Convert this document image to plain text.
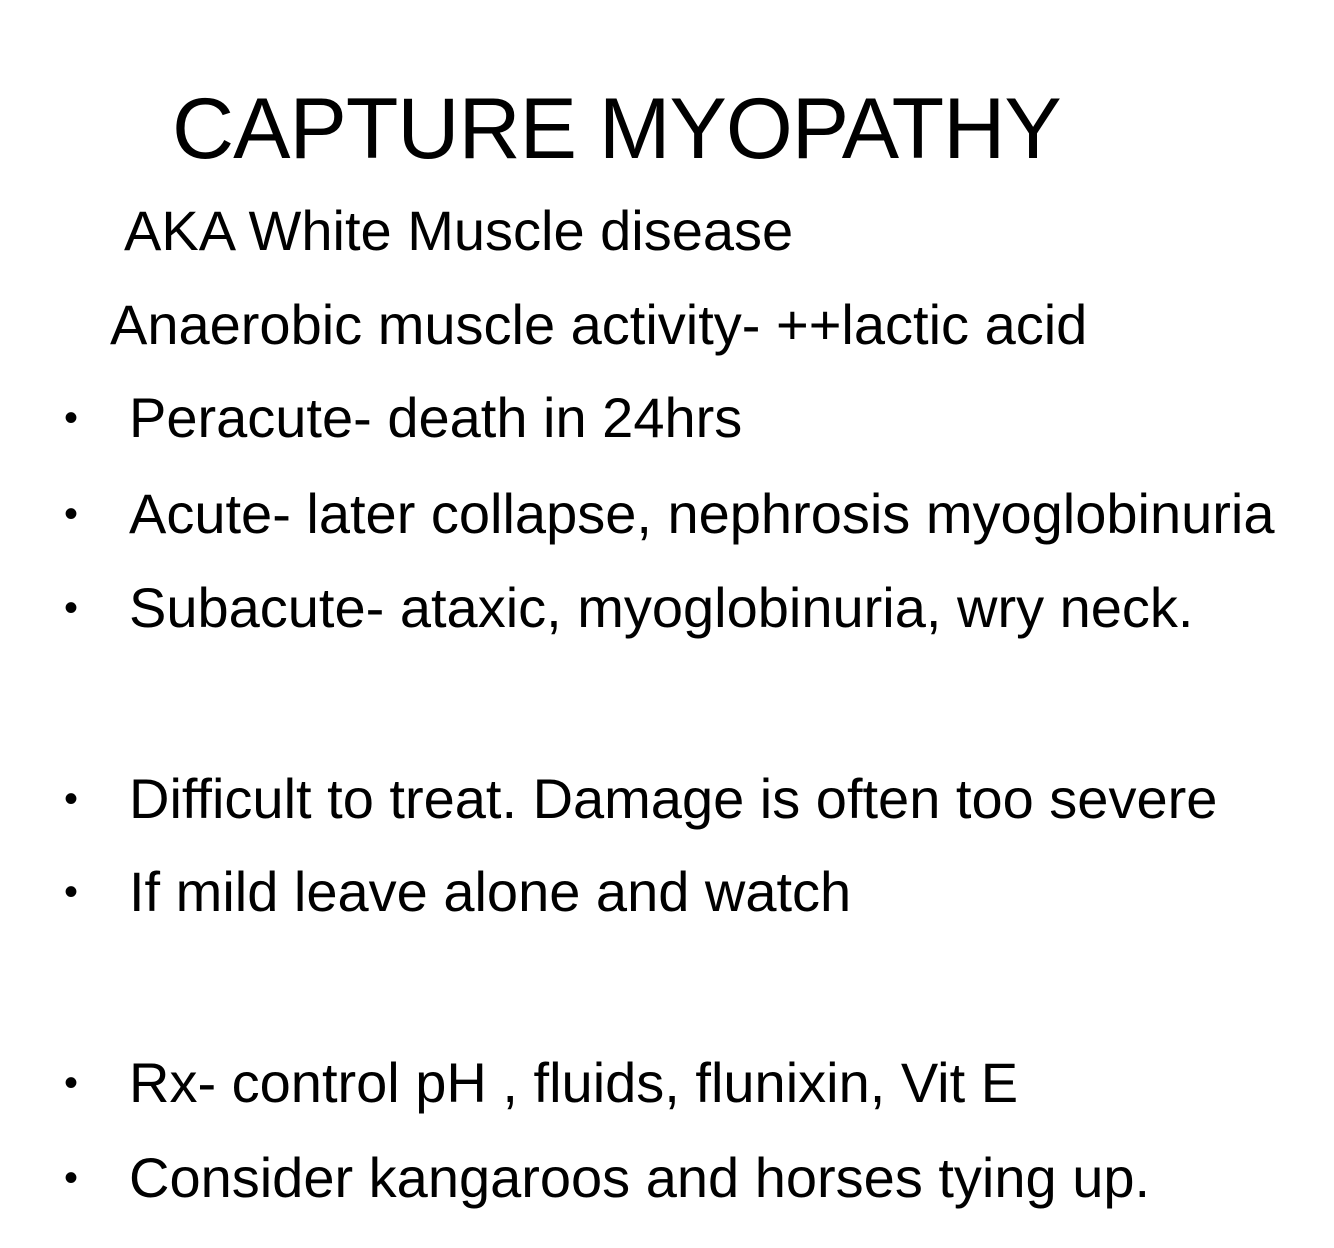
CAPTURE MYOPATHY
AKA White Muscle disease
Anaerobic muscle activity- ++lactic acid
• Peracute- death in 24hrs
• Acute- later collapse, nephrosis myoglobinuria
• Subacute- ataxic, myoglobinuria, wry neck.
• Difficult to treat. Damage is often too severe
• If mild leave alone and watch
• Rx- control pH , fluids, flunixin, Vit E
• Consider kangaroos and horses tying up.
